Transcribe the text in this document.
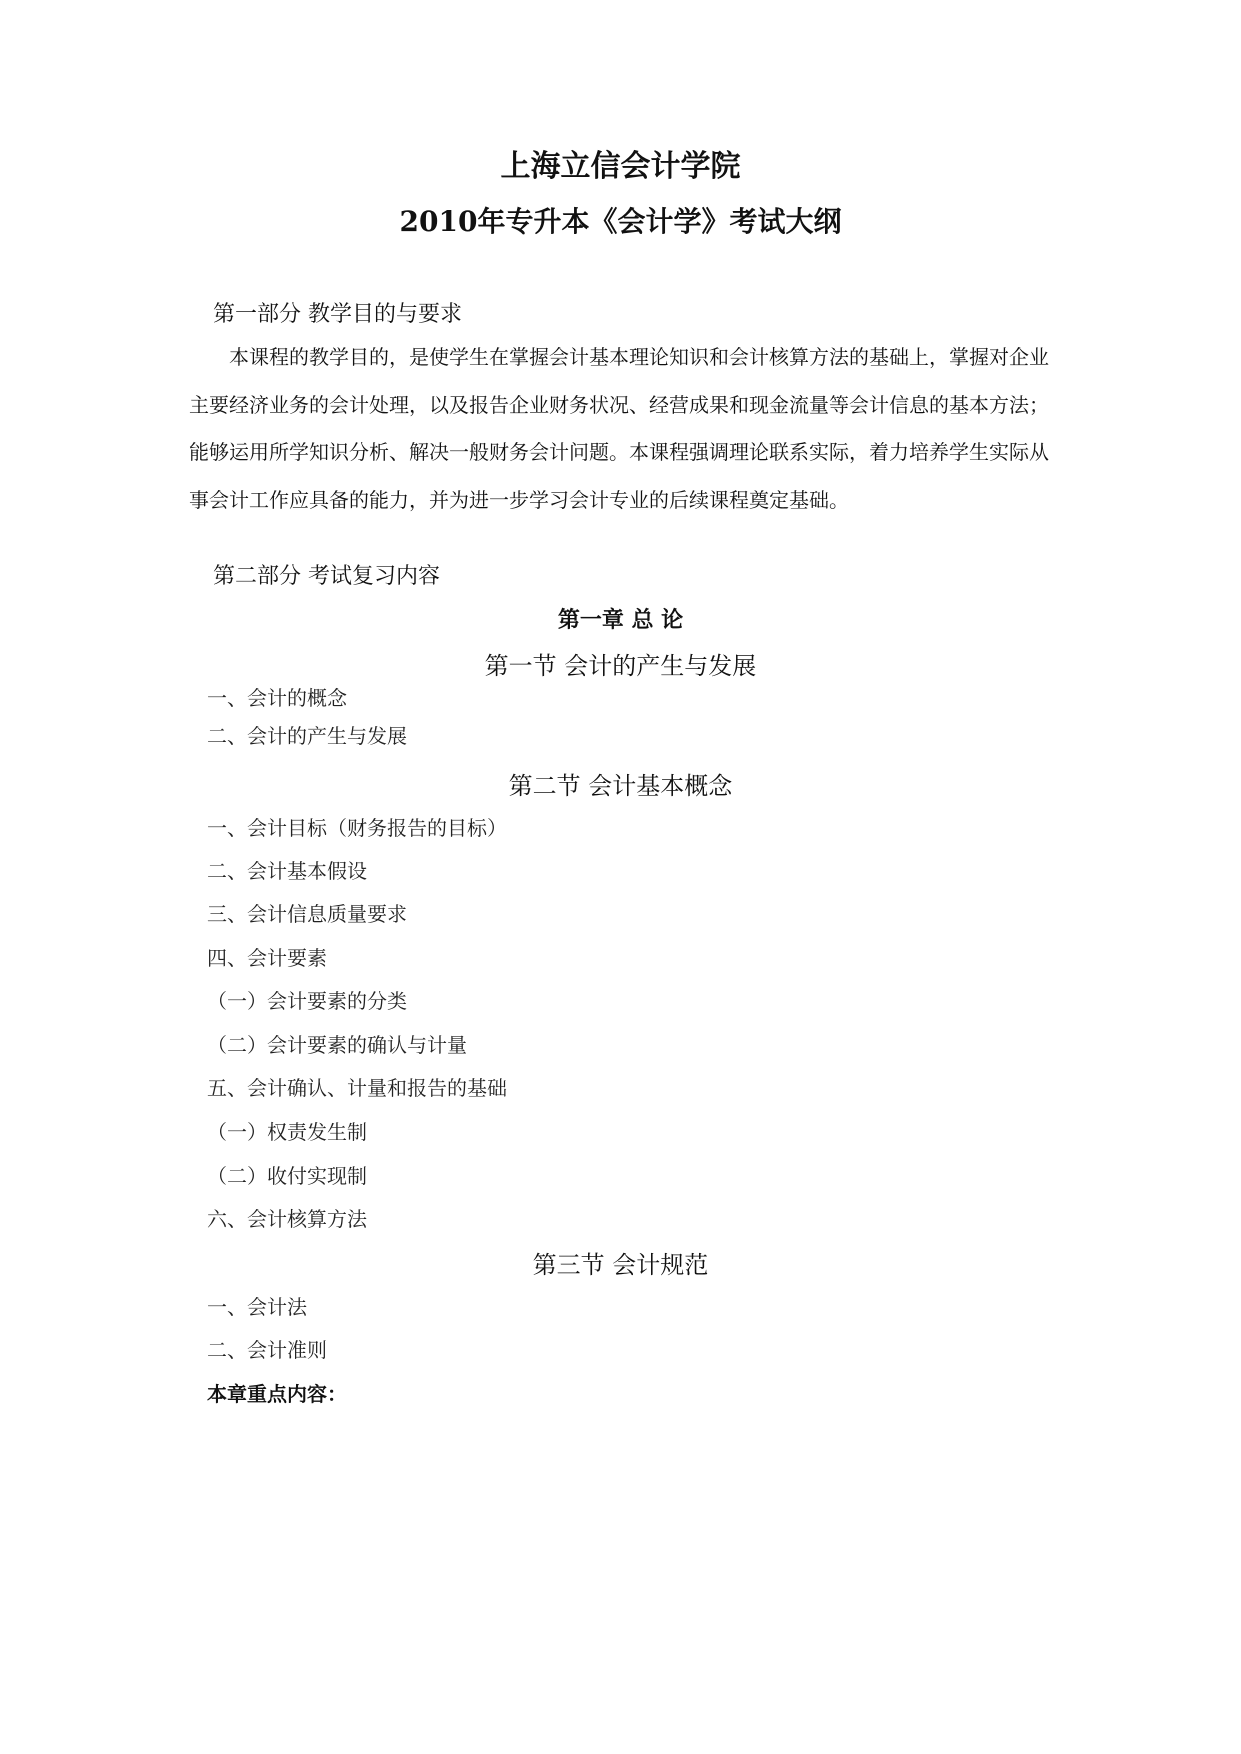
上海立信会计学院
2010年专升本《会计学》考试大纲
第一部分 教学目的与要求
本课程的教学目的，是使学生在掌握会计基本理论知识和会计核算方法的基础上，掌握对企业主要经济业务的会计处理，以及报告企业财务状况、经营成果和现金流量等会计信息的基本方法；能够运用所学知识分析、解决一般财务会计问题。本课程强调理论联系实际，着力培养学生实际从事会计工作应具备的能力，并为进一步学习会计专业的后续课程奠定基础。
第二部分 考试复习内容
第一章 总 论
第一节 会计的产生与发展
一、会计的概念
二、会计的产生与发展
第二节 会计基本概念
一、会计目标（财务报告的目标）
二、会计基本假设
三、会计信息质量要求
四、会计要素
（一）会计要素的分类
（二）会计要素的确认与计量
五、会计确认、计量和报告的基础
（一）权责发生制
（二）收付实现制
六、会计核算方法
第三节 会计规范
一、会计法
二、会计准则
本章重点内容：
